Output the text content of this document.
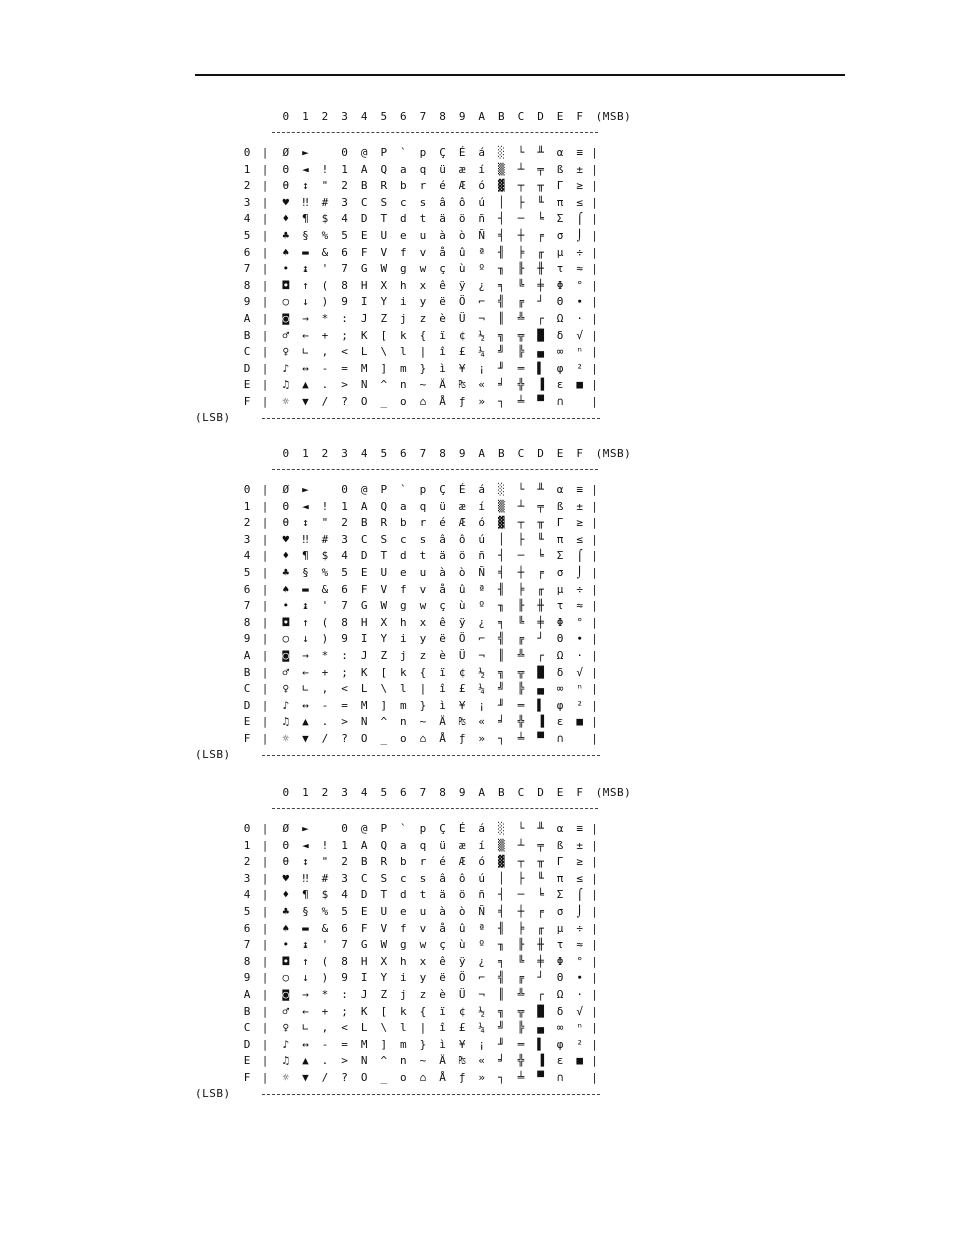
0 1 2 3 4 5 6 7 8 9 A B C D E F	(MSB)
0 | Ø ►	0 @ P ` p Ç É á ░ └ ╨ α ≡ |
1 | Θ ◄ ! 1 A Q a q ü æ í ▒ ┴ ╤ ß ± |
2 | θ ↕ " 2 B R b r é Æ ó ▓ ┬ ╥ Γ ≥ |
3 | ♥ ‼ # 3 C S c s â ô ú │ ├ ╙ π ≤ |
4 | ♦ ¶ $ 4 D T d t ä ö ñ ┤ ─ ╘ Σ ⌠ |
5 | ♣ § % 5 E U e u à ò Ñ ╡ ┼ ╒ σ ⌡ |
6 | ♠ ▬ & 6 F V f v å û ª ╢ ╞ ╓ µ ÷ |
7 | • ↨ ' 7 G W g w ç ù º ╖ ╟ ╫ τ ≈ |
8 | ◘ ↑ ( 8 H X h x ê ÿ ¿ ╕ ╚ ╪ Φ ° |
9 | ○ ↓ ) 9 I Y i y ë Ö ⌐ ╣ ╔ ┘ Θ ∙ |
A | ◙ → * : J Z j z è Ü ¬ ║ ╩ ┌ Ω · |
B | ♂ ← + ; K [ k { ï ¢ ½ ╗ ╦ █ δ √ |
C | ♀ ∟ , < L \ l | î £ ¼ ╝ ╠ ▄ ∞ ⁿ |
D | ♪ ↔ - = M ] m } ì ¥ ¡ ╜ ═ ▌ φ ² |
E | ♫ ▲ . > N ^ n ~ Ä ₧ « ╛ ╬ ▐ ε ■ |
F | ☼ ▼ / ? O _ o ⌂ Å ƒ » ┐ ╧ ▀ ∩	|
(LSB)
0 1 2 3 4 5 6 7 8 9 A B C D E F	(MSB)
0 | Ø ►	0 @ P ` p Ç É á ░ └ ╨ α ≡ |
1 | Θ ◄ ! 1 A Q a q ü æ í ▒ ┴ ╤ ß ± |
2 | θ ↕ " 2 B R b r é Æ ó ▓ ┬ ╥ Γ ≥ |
3 | ♥ ‼ # 3 C S c s â ô ú │ ├ ╙ π ≤ |
4 | ♦ ¶ $ 4 D T d t ä ö ñ ┤ ─ ╘ Σ ⌠ |
5 | ♣ § % 5 E U e u à ò Ñ ╡ ┼ ╒ σ ⌡ |
6 | ♠ ▬ & 6 F V f v å û ª ╢ ╞ ╓ µ ÷ |
7 | • ↨ ' 7 G W g w ç ù º ╖ ╟ ╫ τ ≈ |
8 | ◘ ↑ ( 8 H X h x ê ÿ ¿ ╕ ╚ ╪ Φ ° |
9 | ○ ↓ ) 9 I Y i y ë Ö ⌐ ╣ ╔ ┘ Θ ∙ |
A | ◙ → * : J Z j z è Ü ¬ ║ ╩ ┌ Ω · |
B | ♂ ← + ; K [ k { ï ¢ ½ ╗ ╦ █ δ √ |
C | ♀ ∟ , < L \ l | î £ ¼ ╝ ╠ ▄ ∞ ⁿ |
D | ♪ ↔ - = M ] m } ì ¥ ¡ ╜ ═ ▌ φ ² |
E | ♫ ▲ . > N ^ n ~ Ä ₧ « ╛ ╬ ▐ ε ■ |
F | ☼ ▼ / ? O _ o ⌂ Å ƒ » ┐ ╧ ▀ ∩	|
(LSB)
0 1 2 3 4 5 6 7 8 9 A B C D E F	(MSB)
0 | Ø ►	0 @ P ` p Ç É á ░ └ ╨ α ≡ |
1 | Θ ◄ ! 1 A Q a q ü æ í ▒ ┴ ╤ ß ± |
2 | θ ↕ " 2 B R b r é Æ ó ▓ ┬ ╥ Γ ≥ |
3 | ♥ ‼ # 3 C S c s â ô ú │ ├ ╙ π ≤ |
4 | ♦ ¶ $ 4 D T d t ä ö ñ ┤ ─ ╘ Σ ⌠ |
5 | ♣ § % 5 E U e u à ò Ñ ╡ ┼ ╒ σ ⌡ |
6 | ♠ ▬ & 6 F V f v å û ª ╢ ╞ ╓ µ ÷ |
7 | • ↨ ' 7 G W g w ç ù º ╖ ╟ ╫ τ ≈ |
8 | ◘ ↑ ( 8 H X h x ê ÿ ¿ ╕ ╚ ╪ Φ ° |
9 | ○ ↓ ) 9 I Y i y ë Ö ⌐ ╣ ╔ ┘ Θ ∙ |
A | ◙ → * : J Z j z è Ü ¬ ║ ╩ ┌ Ω · |
B | ♂ ← + ; K [ k { ï ¢ ½ ╗ ╦ █ δ √ |
C | ♀ ∟ , < L \ l | î £ ¼ ╝ ╠ ▄ ∞ ⁿ |
D | ♪ ↔ - = M ] m } ì ¥ ¡ ╜ ═ ▌ φ ² |
E | ♫ ▲ . > N ^ n ~ Ä ₧ « ╛ ╬ ▐ ε ■ |
F | ☼ ▼ / ? O _ o ⌂ Å ƒ » ┐ ╧ ▀ ∩	|
(LSB)
